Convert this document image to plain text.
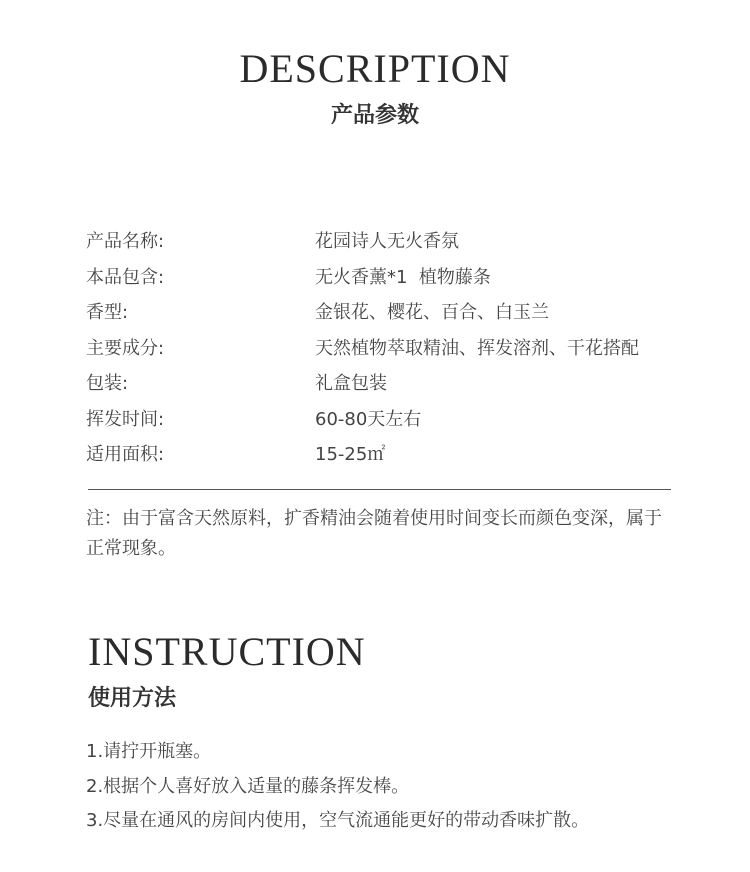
DESCRIPTION
产品参数
产品名称:	花园诗人无火香氛
本品包含:	无火香薰*1  植物藤条
香型:	金银花、樱花、百合、白玉兰
主要成分:	天然植物萃取精油、挥发溶剂、干花搭配
包装:	礼盒包装
挥发时间:	60-80天左右
适用面积:	15-25㎡
注：由于富含天然原料，扩香精油会随着使用时间变长而颜色变深，属于正常现象。
INSTRUCTION
使用方法
1.请拧开瓶塞。
2.根据个人喜好放入适量的藤条挥发棒。
3.尽量在通风的房间内使用，空气流通能更好的带动香味扩散。
